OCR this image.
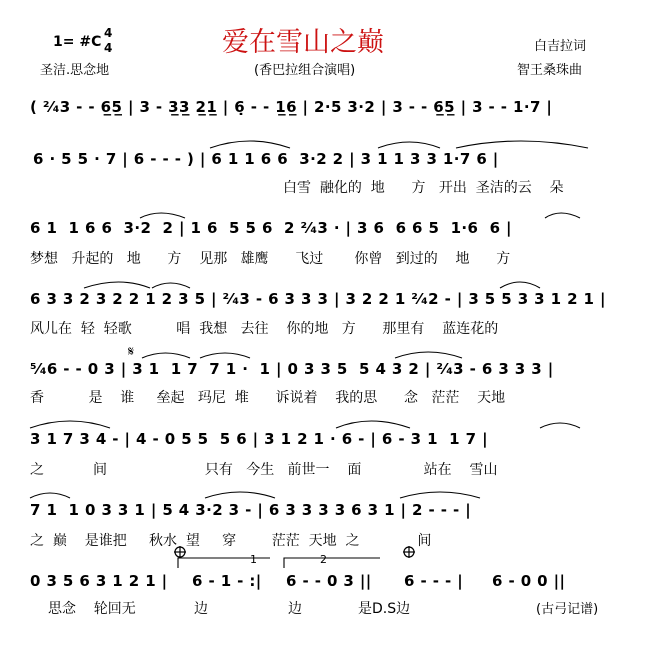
1= #C
4
4	爱在雪山之巅	白吉拉词
圣洁.思念地	(香巴拉组合演唱)	智王桑珠曲
( ²⁄₄3 - - 6̲5̲ | 3 - 3̲3̲ 2̲1̲ | 6̣ - - 1̲6̲ | 2·5 3·2 | 3 - - 6̲5̲ | 3 - - 1·7 |
6 · 5 5 · 7 | 6 - - - ) | 6 1 1 6 6  3·2 2 | 3 1 1 3 3 1·7 6 |
白雪  融化的  地      方   开出  圣洁的云    朵
6 1  1 6 6  3·2  2 | 1 6  5 5 6  2 ²⁄₄3 · | 3 6  6 6 5  1·6  6 |
梦想   升起的   地      方    见那   雄鹰      飞过       你曾   到过的    地      方
6 3 3 2 3 2 2 1 2 3 5 | ²⁄₄3 - 6 3 3 3 | 3 2 2 1 ²⁄₄2 - | 3 5 5 3 3 1 2 1 |
风儿在  轻  轻歌          唱  我想   去往    你的地   方      那里有    蓝连花的
⁵⁄₄6 - - 0 3 | 3 1  1 7  7 1 ·  1 | 0 3 3 5  5 4 3 2 | ²⁄₄3 - 6 3 3 3 |
香          是    谁     垒起   玛尼  堆      诉说着    我的思      念   茫茫    天地
3 1 7 3 4 - | 4 - 0 5 5  5 6 | 3 1 2 1 · 6 - | 6 - 3 1  1 7 |
之           间                      只有   今生   前世一    面              站在    雪山
7 1  1 0 3 3 1 | 5 4 3·2 3 - | 6 3 3 3 3 6 3 1 | 2 - - - |
之  巅    是谁把     秋水  望     穿        茫茫  天地  之             间
0 3 5 6 3 1 2 1 | 6 - 1 - :| 6 - - 0 3 || 6 - - - | 6 - 0 0 ||
思念    轮回无	边	边	是D.S边	(古弓记谱)
𝄋
1	2
